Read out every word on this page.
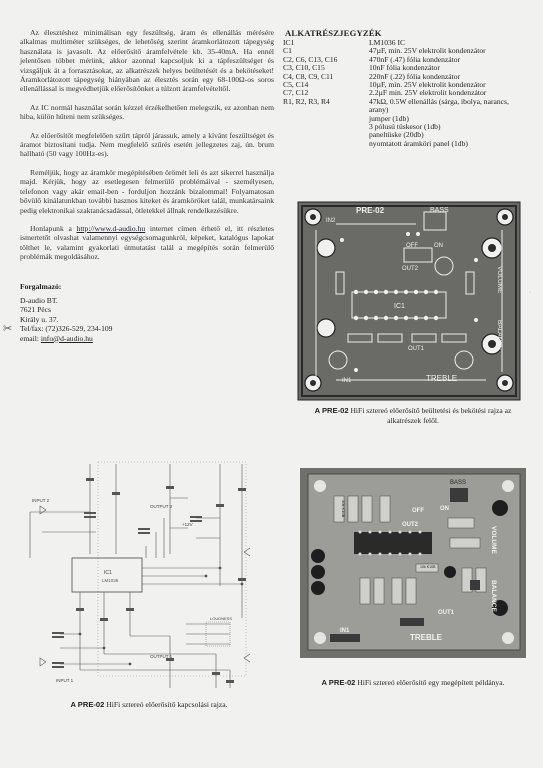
✂

Az élesztéshez minimálisan egy feszültség, áram és ellenállás mérésére alkalmas multiméter szükséges, de lehetőség szerint áramkorlátozott tápegység használata is javasolt. Az előerősítő áramfelvétele kb. 35-40mA. Ha ennél jelentősen többet mérünk, akkor azonnal kapcsoljuk ki a tápfeszültséget és vizsgáljuk át a forrasztásokat, az alkatrészek helyes beültetését és a bekötéseket! Áramkorlátozott tápegység hiányában az élesztés során egy 68-100Ω-os soros ellenállással is megvédhetjük előerősítőnket a túlzott áramfelvételtől.

Az IC normál használat során kézzel érzékelhetően melegszik, ez azonban nem hiba, külön hűteni nem szükséges.

Az előerősítőt megfelelően szűrt tápról járassuk, amely a kívánt feszültséget és áramot biztosítani tudja. Nem megfelelő szűrés esetén jellegzetes zaj, ún. brum hallható (50 vagy 100Hz-es).

Reméljük, hogy az áramkör megépítésében örömét leli és azt sikerrel használja majd. Kérjük, hogy az esetlegesen felmerülő problémáival - személyesen, telefonon vagy akár email-ben - forduljon hozzánk bizalommal! Folyamatosan bővülő kínálatunkban további hasznos kiteket és áramköröket talál, munkatársaink pedig elektronikai szaktanácsadással, ötletekkel állnak rendelkezésükre.

Honlapunk a http://www.d-audio.hu internet címen érhető el, itt részletes ismertetőt olvashat valamennyi egységcsomagunkról, képeket, katalógus lapokat tölthet le, valamint gyakorlati útmutatást talál a megépítés során felmerülő problémák megoldásához.

Forgalmazó:
D-audio BT.
7621 Pécs
Király u. 37.
Tel/fax: (72)326-529, 234-109
email: info@d-audio.hu
IC1
LM1036
INPUT 2
INPUT 1
OUTPUT 2
OUTPUT 1
+12V
LOUDNESS
A PRE-02 HiFi sztereó előerősítő kapcsolási rajza.
ALKATRÉSZJEGYZÉK
IC1	LM1036 IC
C1	47µF, min. 25V elektrolit kondenzátor
C2, C6, C13, C16	470nF (.47) fólia kondenzátor
C3, C10, C15	10nF fólia kondenzátor
C4, C8, C9, C11	220nF (.22) fólia kondenzátor
C5, C14	10µF, min. 25V elektrolit kondenzátor
C7, C12	2.2µF min. 25V elektrolit kondenzátor
R1, R2, R3, R4	47kΩ, 0.5W ellenállás (sárga, ibolya, narancs, arany)
	jumper (1db)
	3 pólusú tüskesor (1db)
	paneltüske (20db)
	nyomtatott áramköri panel (1db)
PRE-02	BASS
TREBLE
VOLUME
BALANCE
IC1
OFF	ON
OUT1
OUT2
IN1
IN2
A PRE-02 HiFi sztereó előerősítő beültetési és bekötési rajza az alkatrészek felől.
BASS
TREBLE
VOLUME
BALANCE
OFF	ON
OUT2
OUT1
IN1
10k K10B
10k K10B
A PRE-02 HiFi sztereó előerősítő egy megépített példánya.
·
·
